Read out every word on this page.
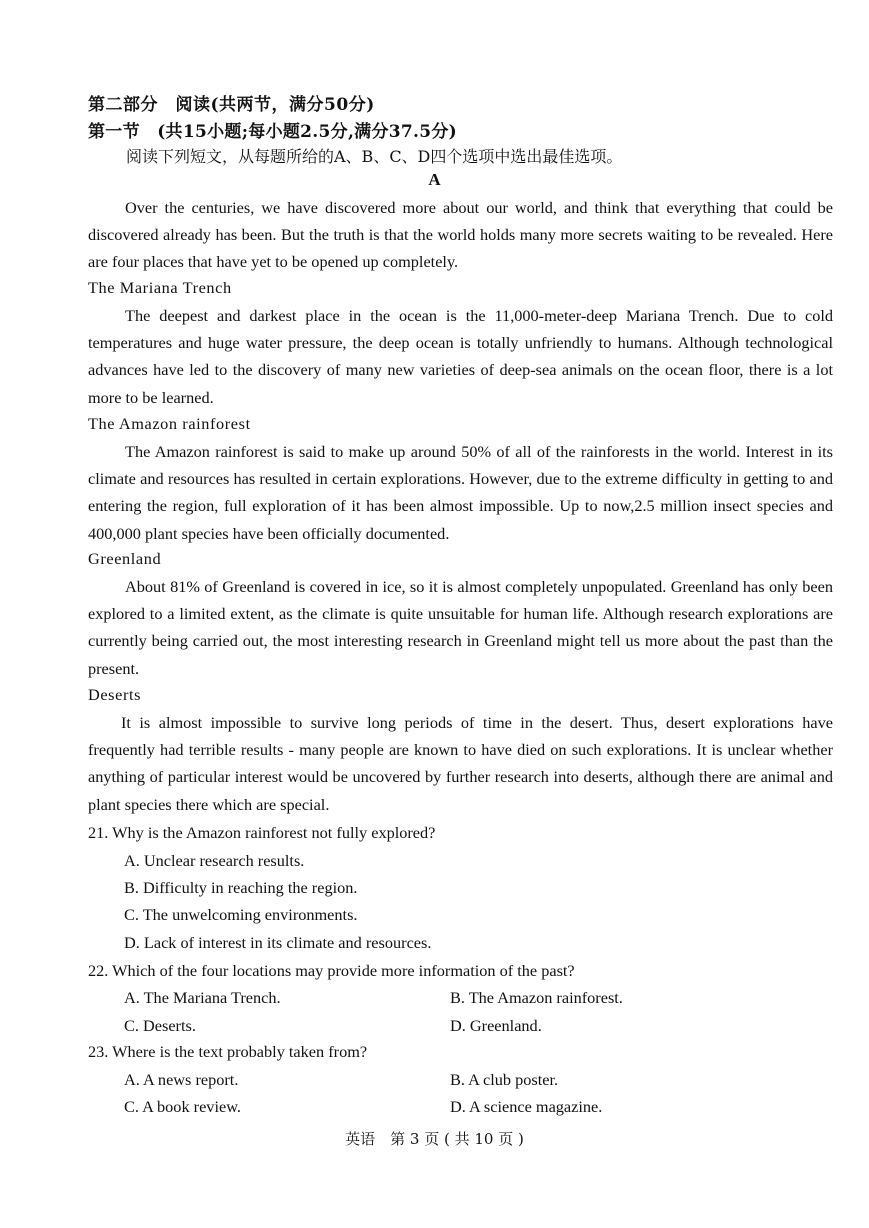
第二部分　阅读(共两节，满分50分)
第一节　(共15小题;每小题2.5分,满分37.5分)
阅读下列短文，从每题所给的A、B、C、D四个选项中选出最佳选项。
A
Over the centuries, we have discovered more about our world, and think that everything that could be discovered already has been. But the truth is that the world holds many more secrets waiting to be revealed. Here are four places that have yet to be opened up completely.
The Mariana Trench
The deepest and darkest place in the ocean is the 11,000-meter-deep Mariana Trench. Due to cold temperatures and huge water pressure, the deep ocean is totally unfriendly to humans. Although technological advances have led to the discovery of many new varieties of deep-sea animals on the ocean floor, there is a lot more to be learned.
The Amazon rainforest
The Amazon rainforest is said to make up around 50% of all of the rainforests in the world. Interest in its climate and resources has resulted in certain explorations. However, due to the extreme difficulty in getting to and entering the region, full exploration of it has been almost impossible. Up to now,2.5 million insect species and 400,000 plant species have been officially documented.
Greenland
About 81% of Greenland is covered in ice, so it is almost completely unpopulated. Greenland has only been explored to a limited extent, as the climate is quite unsuitable for human life. Although research explorations are currently being carried out, the most interesting research in Greenland might tell us more about the past than the present.
Deserts
It is almost impossible to survive long periods of time in the desert. Thus, desert explorations have frequently had terrible results - many people are known to have died on such explorations. It is unclear whether anything of particular interest would be uncovered by further research into deserts, although there are animal and plant species there which are special.
21. Why is the Amazon rainforest not fully explored?
A. Unclear research results.
B. Difficulty in reaching the region.
C. The unwelcoming environments.
D. Lack of interest in its climate and resources.
22. Which of the four locations may provide more information of the past?
A. The Mariana Trench.	B. The Amazon rainforest.
C. Deserts.	D. Greenland.
23. Where is the text probably taken from?
A. A news report.	B. A club poster.
C. A book review.	D. A science magazine.
英语　第 3 页 ( 共 10 页 )
